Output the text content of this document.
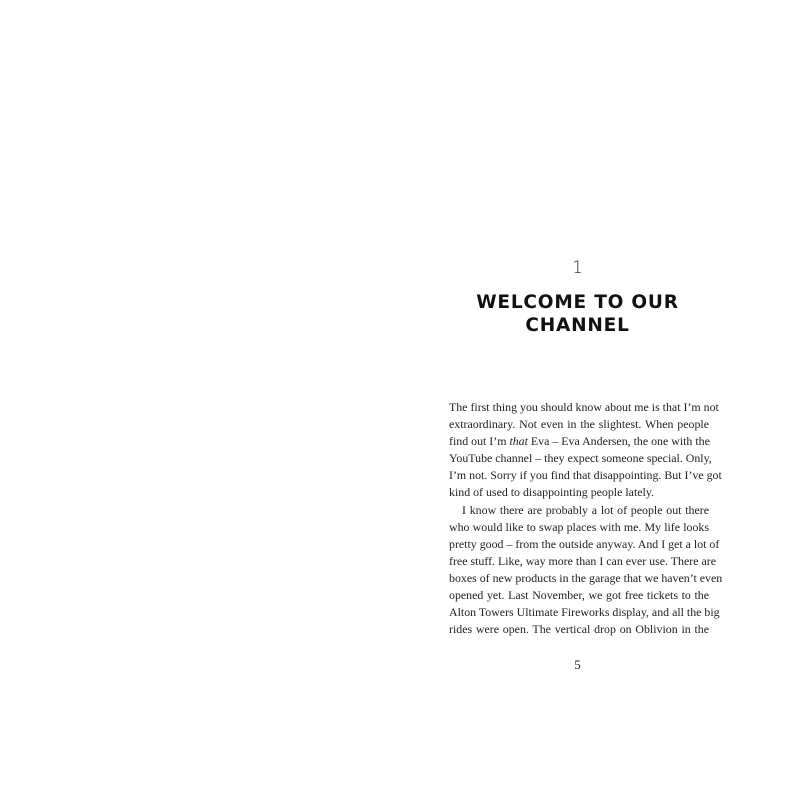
1
WELCOME TO OUR
CHANNEL
The first thing you should know about me is that I’m not
extraordinary. Not even in the slightest. When people
find out I’m that Eva – Eva Andersen, the one with the
YouTube channel – they expect someone special. Only,
I’m not. Sorry if you find that disappointing. But I’ve got
kind of used to disappointing people lately.
I know there are probably a lot of people out there
who would like to swap places with me. My life looks
pretty good – from the outside anyway. And I get a lot of
free stuff. Like, way more than I can ever use. There are
boxes of new products in the garage that we haven’t even
opened yet. Last November, we got free tickets to the
Alton Towers Ultimate Fireworks display, and all the big
rides were open. The vertical drop on Oblivion in the
5
